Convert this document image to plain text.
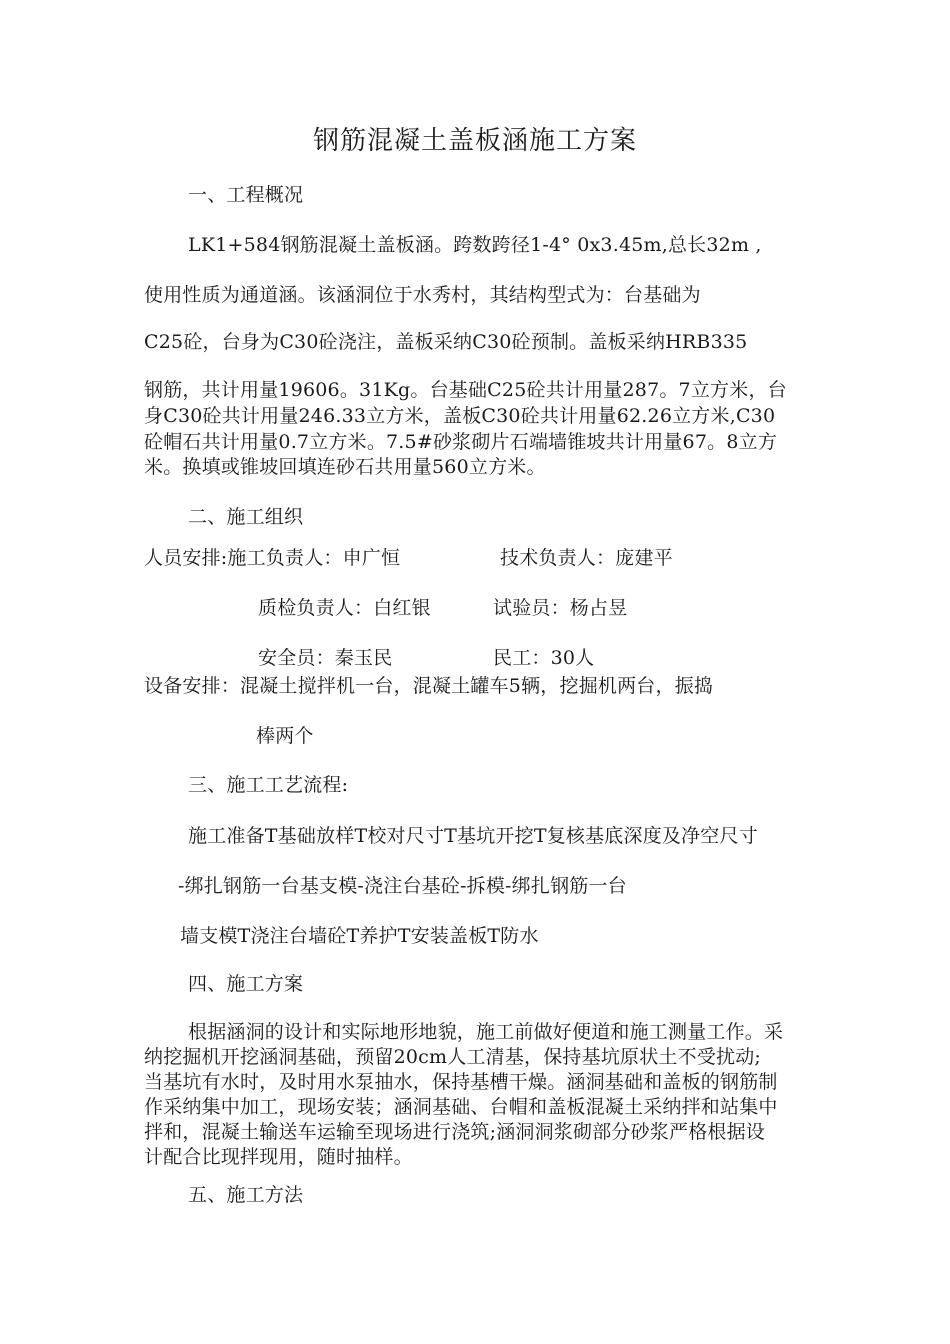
钢筋混凝土盖板涵施工方案
一、工程概况
LK1+584钢筋混凝土盖板涵。跨数跨径1-4° 0x3.45m,总长32m ,
使用性质为通道涵。该涵洞位于水秀村，其结构型式为：台基础为
C25砼，台身为C30砼浇注，盖板采纳C30砼预制。盖板采纳HRB335
钢筋，共计用量19606。31Kg。台基础C25砼共计用量287。7立方米，台
身C30砼共计用量246.33立方米，盖板C30砼共计用量62.26立方米,C30
砼帽石共计用量0.7立方米。7.5#砂浆砌片石端墙锥坡共计用量67。8立方
米。换填或锥坡回填连砂石共用量560立方米。
二、施工组织
人员安排:施工负责人：申广恒	技术负责人：庞建平
质检负责人：白红银	试验员：杨占昱
安全员：秦玉民	民工：30人
设备安排：混凝土搅拌机一台，混凝土罐车5辆，挖掘机两台，振捣
棒两个
三、施工工艺流程:
施工准备T基础放样T校对尺寸T基坑开挖T复核基底深度及净空尺寸
-绑扎钢筋一台基支模-浇注台基砼-拆模-绑扎钢筋一台
墙支模T浇注台墙砼T养护T安装盖板T防水
四、施工方案
根据涵洞的设计和实际地形地貌，施工前做好便道和施工测量工作。采
纳挖掘机开挖涵洞基础，预留20cm人工清基，保持基坑原状土不受扰动;
当基坑有水时，及时用水泵抽水，保持基槽干燥。涵洞基础和盖板的钢筋制
作采纳集中加工，现场安装；涵洞基础、台帽和盖板混凝土采纳拌和站集中
拌和，混凝土输送车运输至现场进行浇筑;涵洞洞浆砌部分砂浆严格根据设
计配合比现拌现用，随时抽样。
五、施工方法
